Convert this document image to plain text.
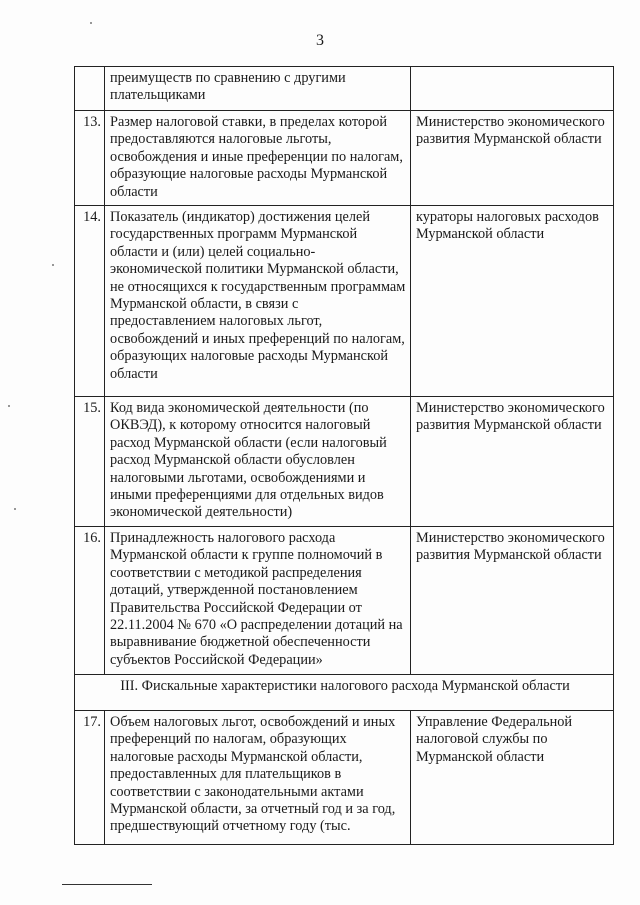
3
	преимуществ по сравнению с другими плательщиками	
13.	Размер налоговой ставки, в пределах которой предоставляются налоговые льготы, освобождения и иные преференции по налогам, образующие налоговые расходы Мурманской области	Министерство экономического развития Мурманской области
14.	Показатель (индикатор) достижения целей государственных программ Мурманской области и (или) целей социально-экономической политики Мурманской области, не относящихся к государственным программам Мурманской области, в связи с предоставлением налоговых льгот, освобождений и иных преференций по налогам, образующих налоговые расходы Мурманской области	кураторы налоговых расходов Мурманской области
15.	Код вида экономической деятельности (по ОКВЭД), к которому относится налоговый расход Мурманской области (если налоговый расход Мурманской области обусловлен налоговыми льготами, освобождениями и иными преференциями для отдельных видов экономической деятельности)	Министерство экономического развития Мурманской области
16.	Принадлежность налогового расхода Мурманской области к группе полномочий в соответствии с методикой распределения дотаций, утвержденной постановлением Правительства Российской Федерации от 22.11.2004 № 670 «О распределении дотаций на выравнивание бюджетной обеспеченности субъектов Российской Федерации»	Министерство экономического развития Мурманской области
III. Фискальные характеристики налогового расхода Мурманской области		
17.	Объем налоговых льгот, освобождений и иных преференций по налогам, образующих налоговые расходы Мурманской области, предоставленных для плательщиков в соответствии с законодательными актами Мурманской области, за отчетный год и за год, предшествующий отчетному году (тыс.	Управление Федеральной налоговой службы по Мурманской области
